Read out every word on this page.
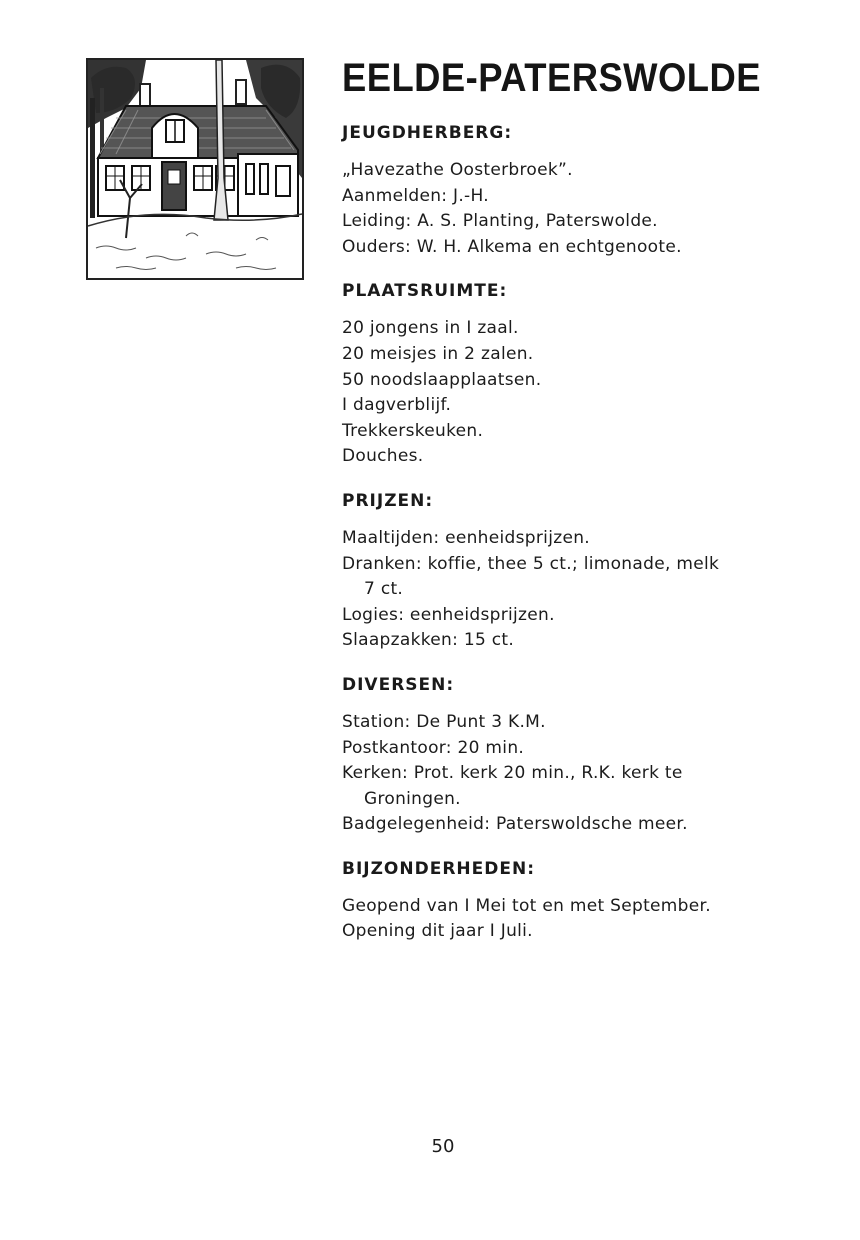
EELDE-PATERSWOLDE
JEUGDHERBERG:
„Havezathe Oosterbroek”.
Aanmelden: J.-H.
Leiding: A. S. Planting, Paterswolde.
Ouders: W. H. Alkema en echtgenoote.
PLAATSRUIMTE:
20 jongens in I zaal.
20 meisjes in 2 zalen.
50 noodslaapplaatsen.
I dagverblijf.
Trekkerskeuken.
Douches.
PRIJZEN:
Maaltijden: eenheidsprijzen.
Dranken: koffie, thee 5 ct.; limonade, melk
7 ct.
Logies: eenheidsprijzen.
Slaapzakken: 15 ct.
DIVERSEN:
Station: De Punt 3 K.M.
Postkantoor: 20 min.
Kerken: Prot. kerk 20 min., R.K. kerk te
Groningen.
Badgelegenheid: Paterswoldsche meer.
BIJZONDERHEDEN:
Geopend van I Mei tot en met September.
Opening dit jaar I Juli.
50
